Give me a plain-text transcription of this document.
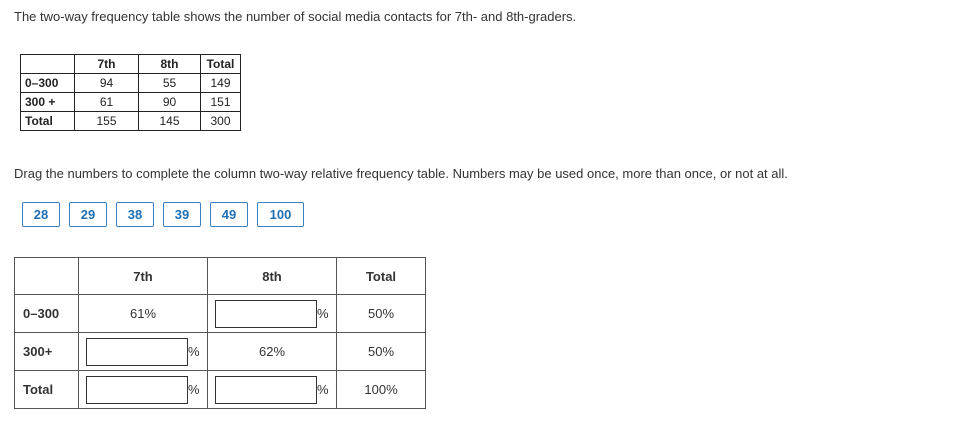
The two-way frequency table shows the number of social media contacts for 7th- and 8th-graders.
	7th	8th	Total
0–300	94	55	149
300 +	61	90	151
Total	155	145	300
Drag the numbers to complete the column two-way relative frequency table. Numbers may be used once, more than once, or not at all.
28	29	38	39	49	100
	7th	8th	Total
0–300	61%	%	50%
300+	%	62%	50%
Total	%	%	100%
